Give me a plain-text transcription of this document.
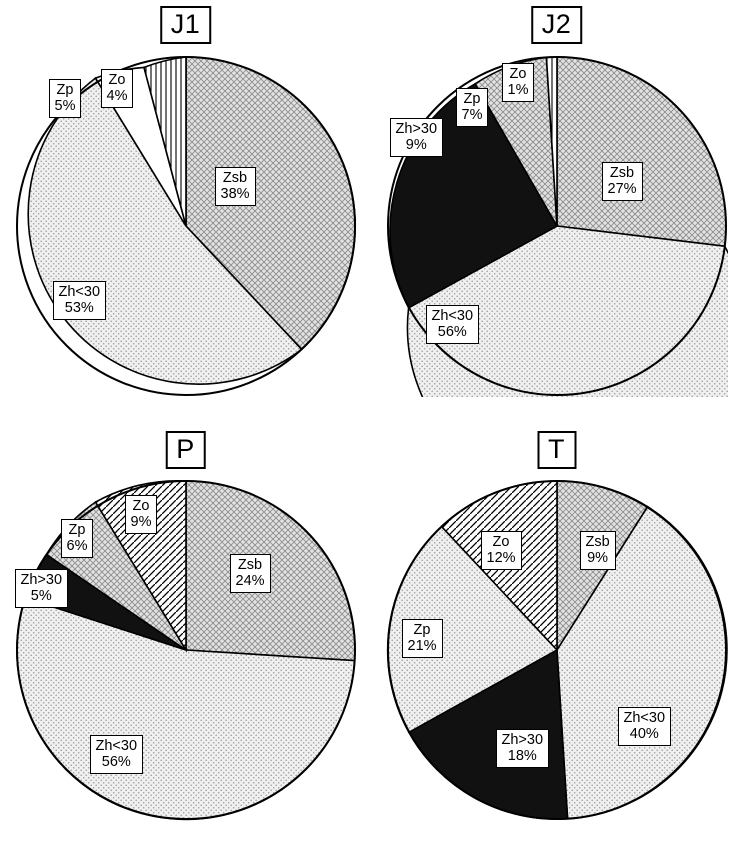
J1
Zp
5%
Zo
4%
Zsb
38%
Zh<30
53%
J2
Zo
1%
Zp
7%
Zh>30
9%
Zsb
27%
Zh<30
56%
P
Zo
9%
Zp
6%
Zh>30
5%
Zsb
24%
Zh<30
56%
T
Zo
12%
Zsb
9%
Zp
21%
Zh>30
18%
Zh<30
40%
